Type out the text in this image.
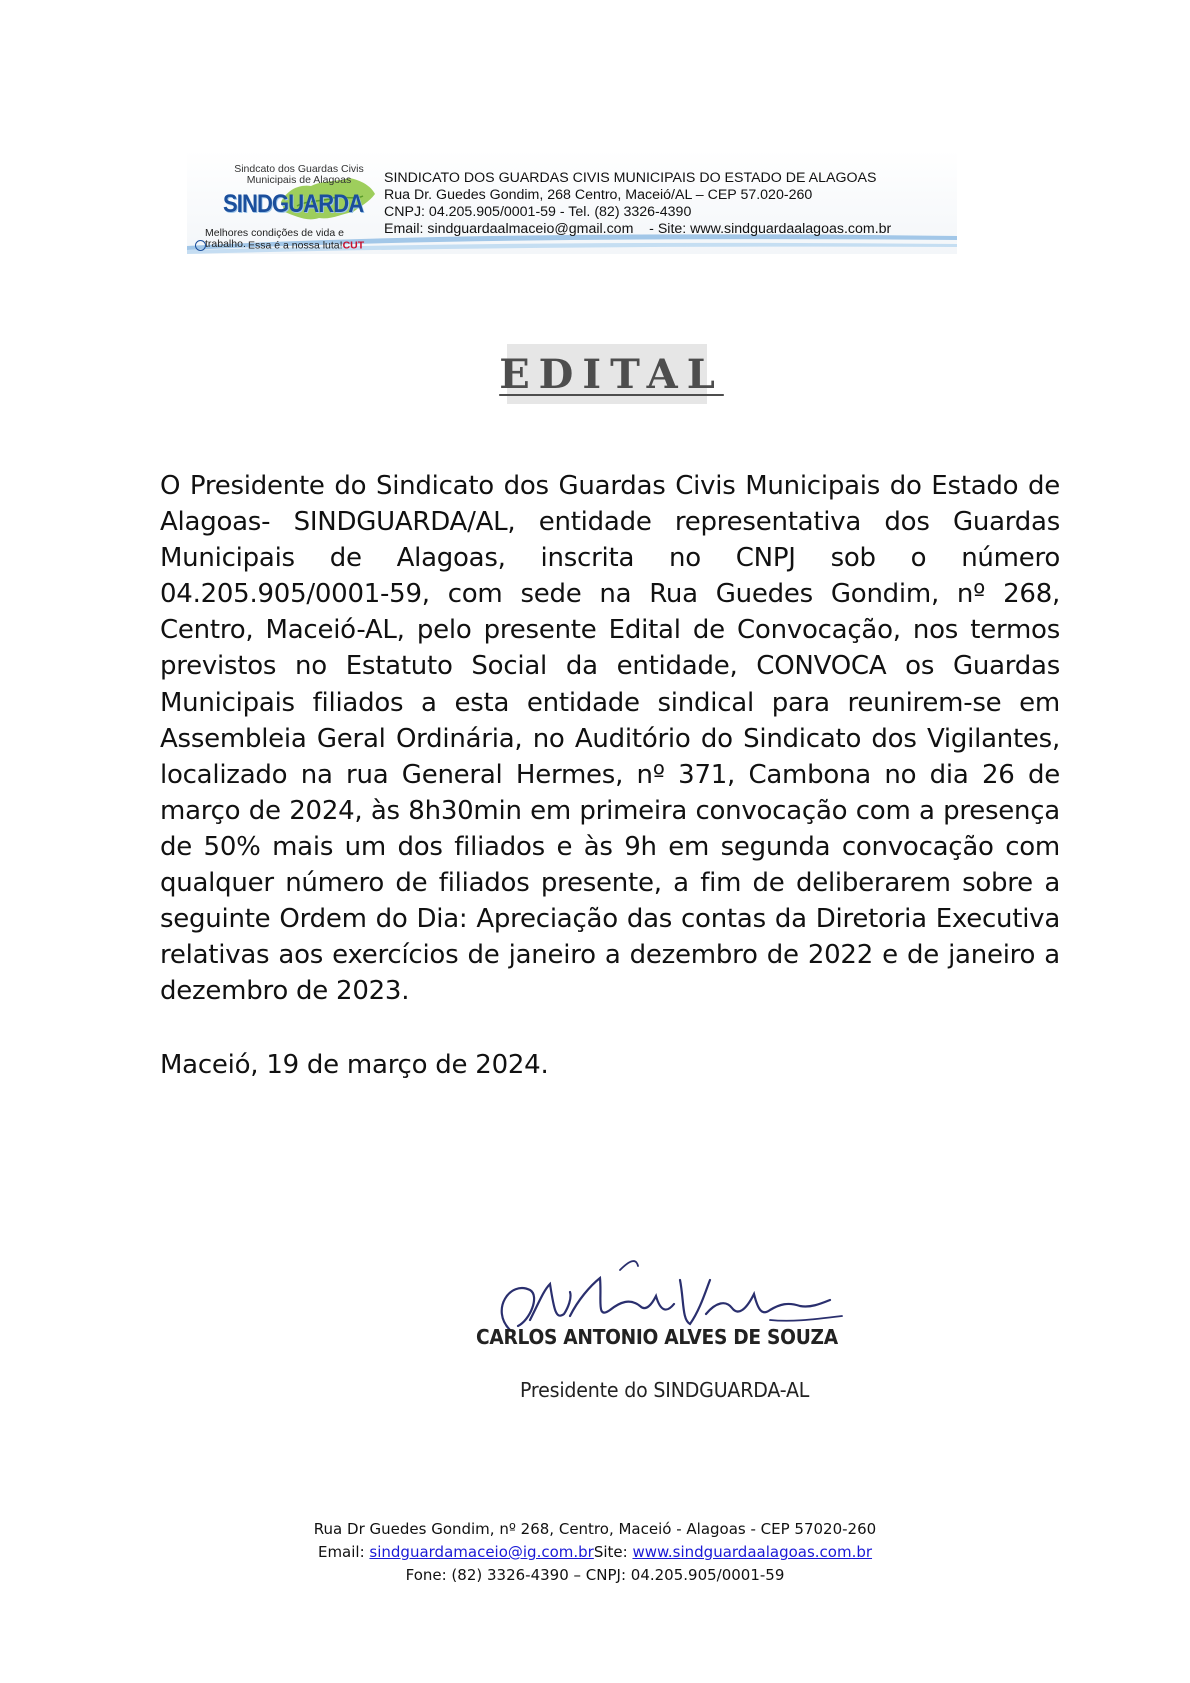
Sindcato dos Guardas Civis
Municipais de Alagoas
SINDGUARDA
Melhores condições de vida e trabalho. Essa é a nossa luta!CUT
SINDICATO DOS GUARDAS CIVIS MUNICIPAIS DO ESTADO DE ALAGOAS
Rua Dr. Guedes Gondim, 268 Centro, Maceió/AL – CEP 57.020-260
CNPJ: 04.205.905/0001-59 - Tel. (82) 3326-4390
Email: sindguardaalmaceio@gmail.com    - Site: www.sindguardaalagoas.com.br
EDITAL
O Presidente do Sindicato dos Guardas Civis Municipais do Estado de Alagoas- SINDGUARDA/AL, entidade representativa dos Guardas Municipais de Alagoas, inscrita no CNPJ sob o número 04.205.905/0001-59, com sede na Rua Guedes Gondim, nº 268, Centro, Maceió-AL, pelo presente Edital de Convocação, nos termos previstos no Estatuto Social da entidade, CONVOCA os Guardas Municipais filiados a esta entidade sindical para reunirem-se em Assembleia Geral Ordinária, no Auditório do Sindicato dos Vigilantes, localizado na rua General Hermes, nº 371, Cambona no dia 26 de março de 2024, às 8h30min em primeira convocação com a presença de 50% mais um dos filiados e às 9h em segunda convocação com qualquer número de filiados presente, a fim de deliberarem sobre a seguinte Ordem do Dia: Apreciação das contas da Diretoria Executiva relativas aos exercícios de janeiro a dezembro de 2022 e de janeiro a dezembro de 2023.
Maceió, 19 de março de 2024.
CARLOS ANTONIO ALVES DE SOUZA
Presidente do SINDGUARDA-AL
Rua Dr Guedes Gondim, nº 268, Centro, Maceió - Alagoas - CEP 57020-260
Email: sindguardamaceio@ig.com.brSite: www.sindguardaalagoas.com.br
Fone: (82) 3326-4390 – CNPJ: 04.205.905/0001-59
